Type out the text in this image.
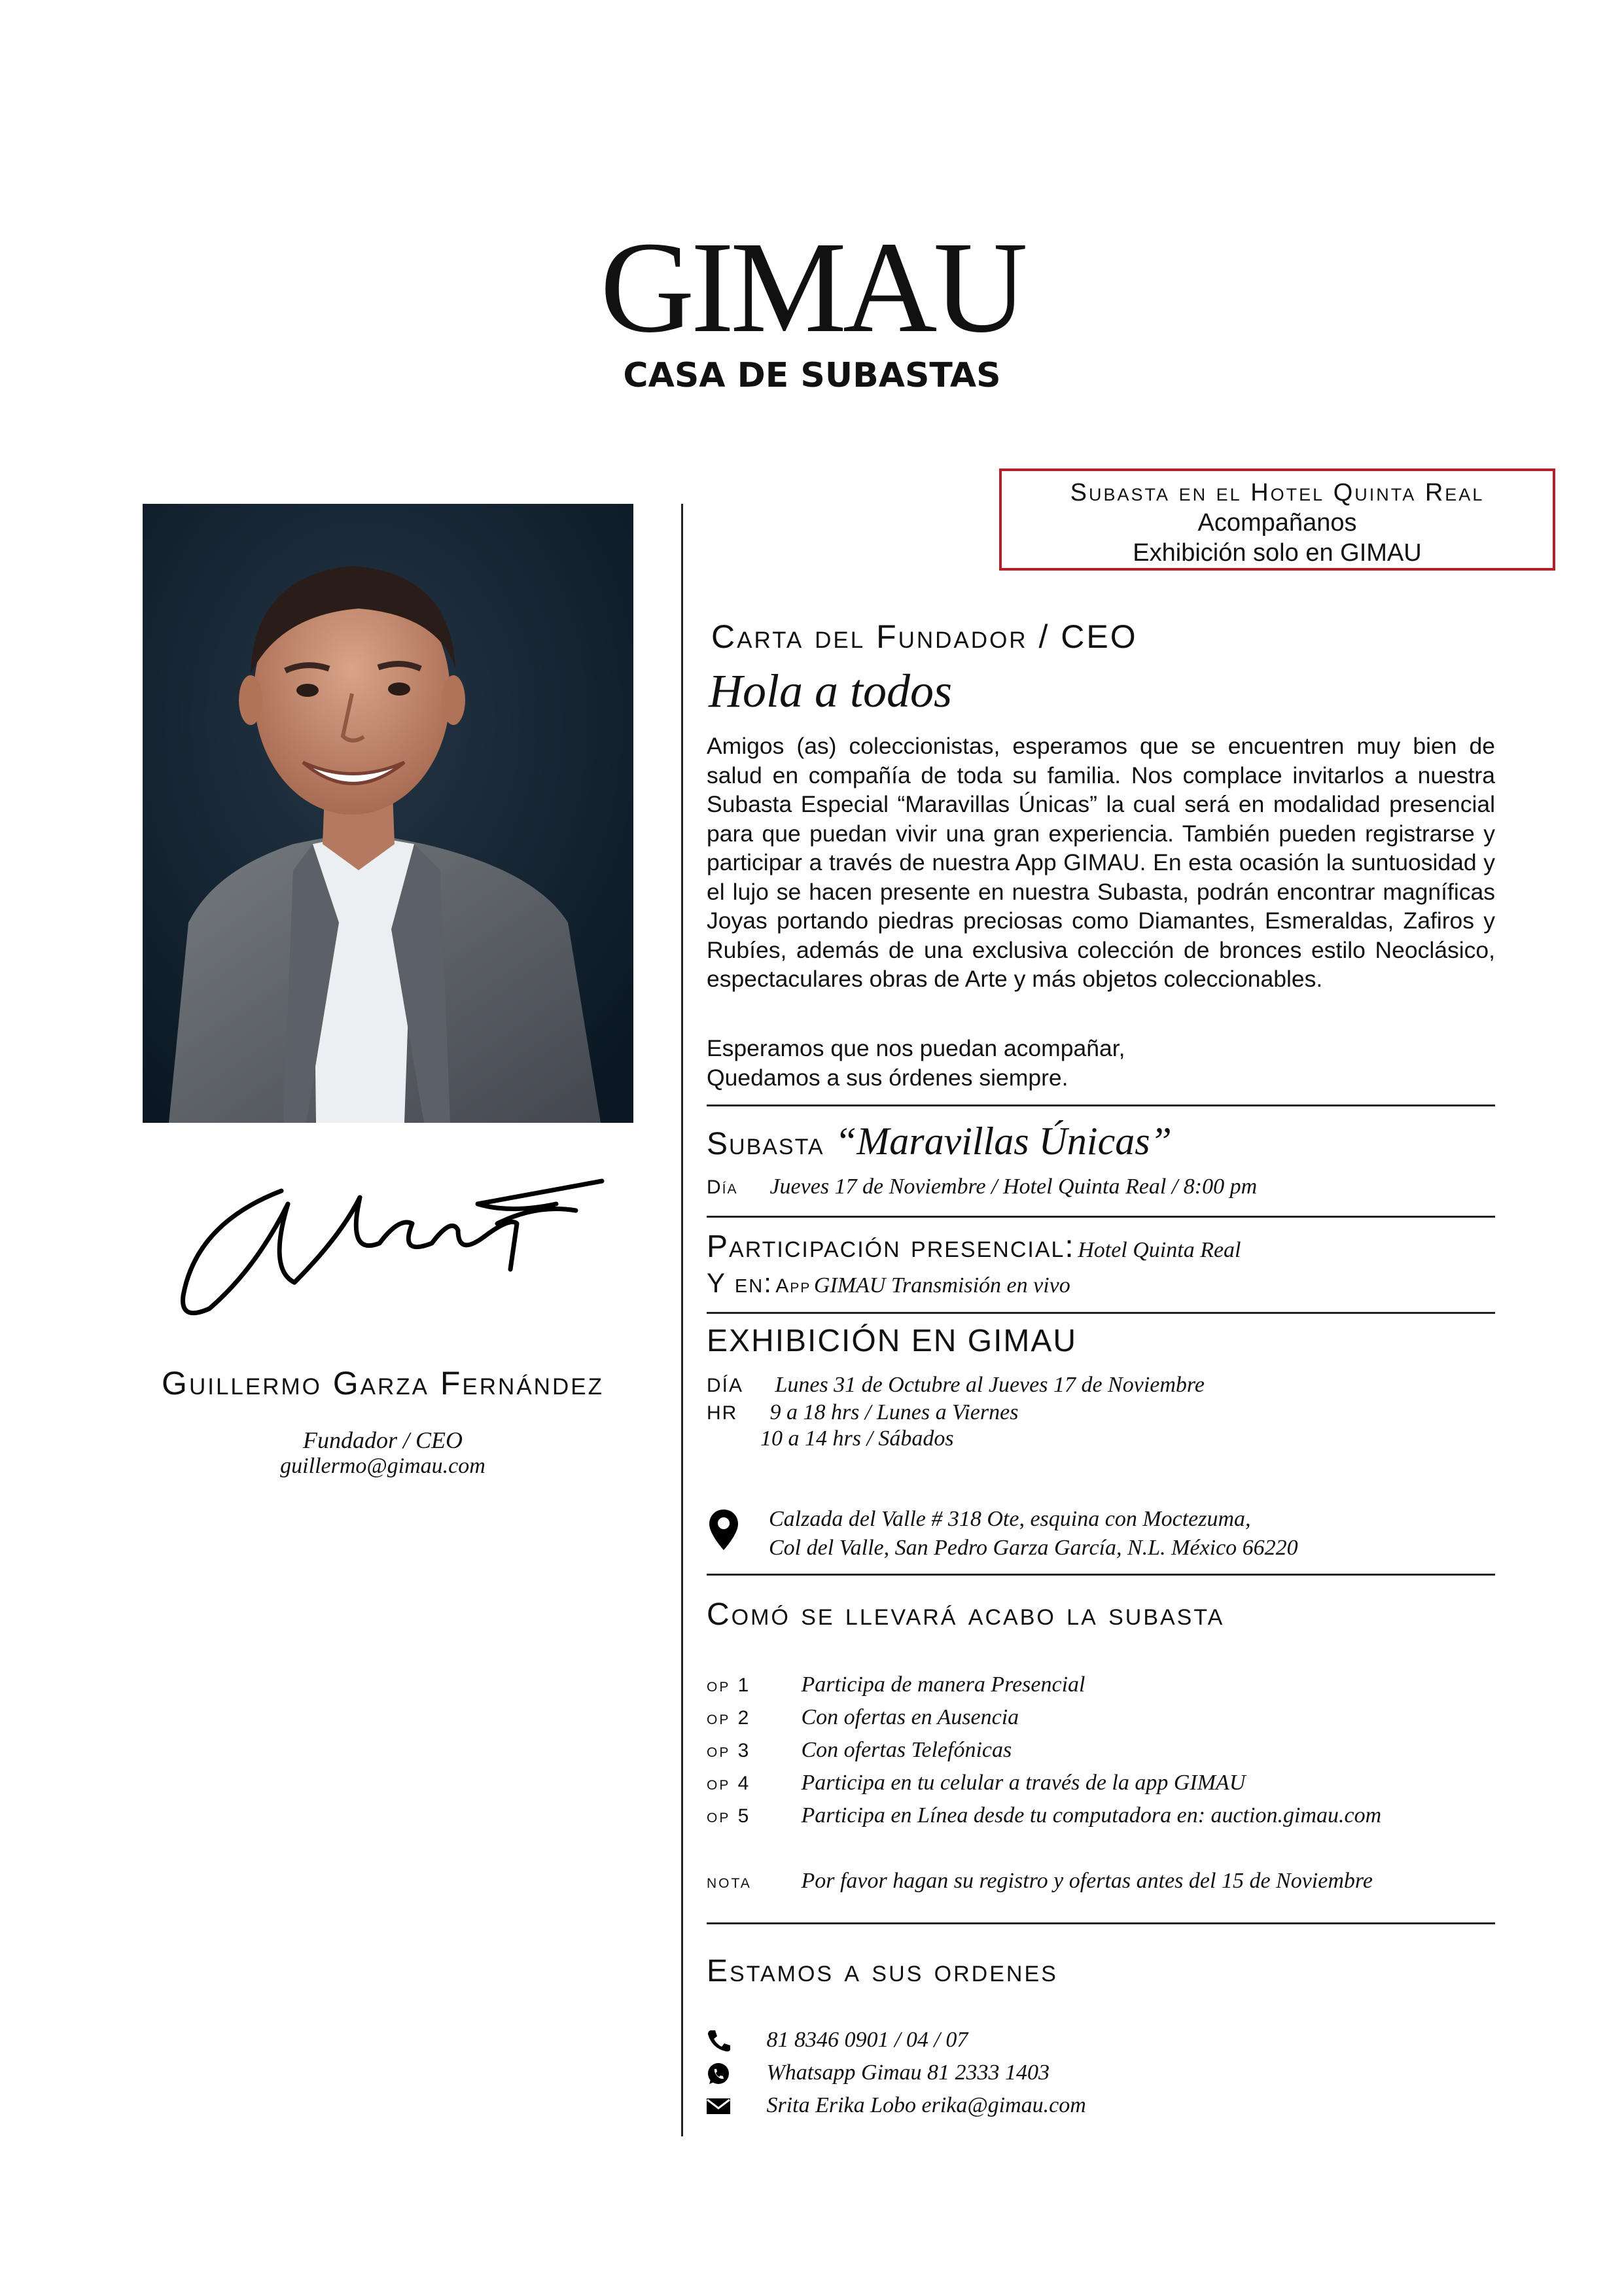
GIMAU
CASA DE SUBASTAS
Subasta en el Hotel Quinta Real
Acompañanos
Exhibición solo en GIMAU
Guillermo Garza Fernández
Fundador / CEO
guillermo@gimau.com
Carta del Fundador / CEO
Hola a todos
Amigos (as) coleccionistas, esperamos que se encuentren muy bien de salud en compañía de toda su familia. Nos complace invitarlos a nuestra Subasta Especial “Maravillas Únicas” la cual será en modalidad presencial para que puedan vivir una gran experiencia. También pueden registrarse y participar a través de nuestra App GIMAU. En esta ocasión la suntuosidad y el lujo se hacen presente en nuestra Subasta, podrán encontrar magníficas Joyas portando piedras preciosas como Diamantes, Esmeraldas, Zafiros y Rubíes, además de una exclusiva colección de bronces estilo Neoclásico, espectaculares obras de Arte y más objetos coleccionables.
Esperamos que nos puedan acompañar,
Quedamos a sus órdenes siempre.
Subasta “Maravillas Únicas”
Día Jueves 17 de Noviembre / Hotel Quinta Real / 8:00 pm
Participación presencial: Hotel Quinta Real
Y en: App GIMAU Transmisión en vivo
EXHIBICIÓN EN GIMAU
DÍA Lunes 31 de Octubre al Jueves 17 de Noviembre
HR 9 a 18 hrs / Lunes a Viernes
10 a 14 hrs / Sábados
Calzada del Valle # 318 Ote, esquina con Moctezuma,
Col del Valle, San Pedro Garza García, N.L. México 66220
Comó se llevará acabo la subasta
op 1 Participa de manera Presencial
op 2 Con ofertas en Ausencia
op 3 Con ofertas Telefónicas
op 4 Participa en tu celular a través de la app GIMAU
op 5 Participa en Línea desde tu computadora en: auction.gimau.com
nota Por favor hagan su registro y ofertas antes del 15 de Noviembre
Estamos a sus ordenes
81 8346 0901 / 04 / 07
Whatsapp Gimau 81 2333 1403
Srita Erika Lobo erika@gimau.com
